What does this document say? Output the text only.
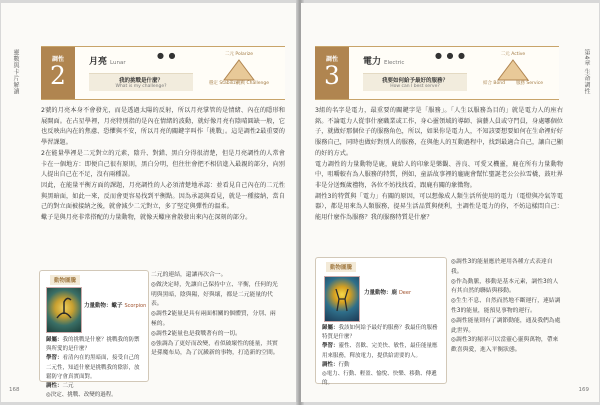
靈數與卡片解讀	調性
2	月亮 Lunar
● ●
我的挑戰是什麼？
What is my challenge?
二元 Polarize
穩定 Stabilize
挑戰 Challenge

2號的月亮本身不會發光，而是透過太陽的反射，所以月亮掌管的是情緒、內在的隱形和展開面。在占星學裡，月亮特別指的是內在情緒的波動，就好像月亮有陰晴圓缺一般，它也反映出內在的焦慮、恐懼與不安，所以月亮的關鍵字叫作「挑戰」。這是調性2最重要的學習課題。

2在能量學裡是二元對立的元素，陰升、對錯、黑白分得很清楚，但是月亮調性的人常會卡在一個地方：即便自己很有原則，黑白分明，但往往會把不相信進入最親的部分，向別人提出自己在不足，沒有兩種誤。

因此，在能量平衡方面的課題，月亮調性的人必須清楚地承認：並看見自己內在的二元性與黑暗面，如此一來，反而會更容易找到平衡點。因為承認與看見，就是一種接納，當自己的對立面被接納之後，就會減少二元對立，多了堅定與彈性的溫柔。

蠍子是與月亮非常搭配的力量動物，就像天蠍座會散發出來內在深刻的部分。

動物圖騰
力量動物：蠍子 Scorpion

歸屬：我的挑戰是什麼？挑戰我的防禦與所愛的是什麼？

學習：看清內在的黑暗面，接受自己的二元性，知道什麼是挑戰我的陰影，放鬆防守會真實面對。

調性：二元

◎決定、挑戰、改變的過程。

二元的連結，還讓再次合一。

◎做決定時，先讓自己保持中立、平衡，任何的光明與黑暗，陰與陽，好與壞，都是二元能量的代表。

◎調性2能量是具有兩面相關的個體質，分別、兩極的。

◎調性2能量也是我戰著有的一切。

◎強調為了更好而改變，看似破壞性的能量，其實是孫魔布局，為了沉澱新的事物，打造新的空間。

168
第4章 生命調性
調性
3	電力 Electric
● ● ●
我要如何給予最好的服務？
How can I best serve?
二元 Active
結合 Bond 服務 Service

3組的名字是電力，最重要的關鍵字是「服務」。「人生以服務為目的」就是電力人的座右銘。不論電力人從事什麼職業或工作，身心靈領域的導師、演藝人員或守門員，身處哪個位子，就做好那個位子的服務角色，所以，如果你是電力人，不知該要想要如何在生命裡好好服務自己，同時也做好對別人的服務，在與他人的互動過程中，找到最適合自己，讓自己顯的好的方式。

電力調性的力量動物是鹿，鹿給人的印象是樂觀、善良、可愛又機靈，鹿在所有力量動物中，咀嚼較有為人服務的特質，例如，童話故事裡的龐鹿會幫忙聖誕老公公拉雪橇，鼓吐界非是分送甄歲禮物，各位不妨找找看，跟鹿有關的象徵物。

調性3的特質與「電力」有關的原因，可以想像成人類生活所使用的電力（電燈與冷氣等電器），都是用來為人類服務，提昇生活品質與便利，主調性是電力的你，不妨這樣問自己：能用什麼作為服務？我的服務特質是什麼？

動物圖騰
力量動物：鹿 Deer

歸屬：我該如何給予最好的服務？我最佳的服務特質是什麼？

學習：靈性、喜歡、完美快、敏性，最佳能量應用來服務，釋放電力，提供給需要的人。

調性：行動

◎電力、行動、輕盈、愉悅、快樂、移動、傳遞的。

◎調性3的能量應於運用各種方式表達自我。

◎作為動脈，移動是基本元素，調性3的人有其自然的聯結與移動。

◎生生不息、自然而然地不斷運行，連結調性3的能量，能預見事物的運行。

◎調性能量則有了調節動能，通及我們為處此世界。

◎調性3的頻率可以當靈心靈與萬物，帶來歡喜與愛，進入平衡狀態。

169
